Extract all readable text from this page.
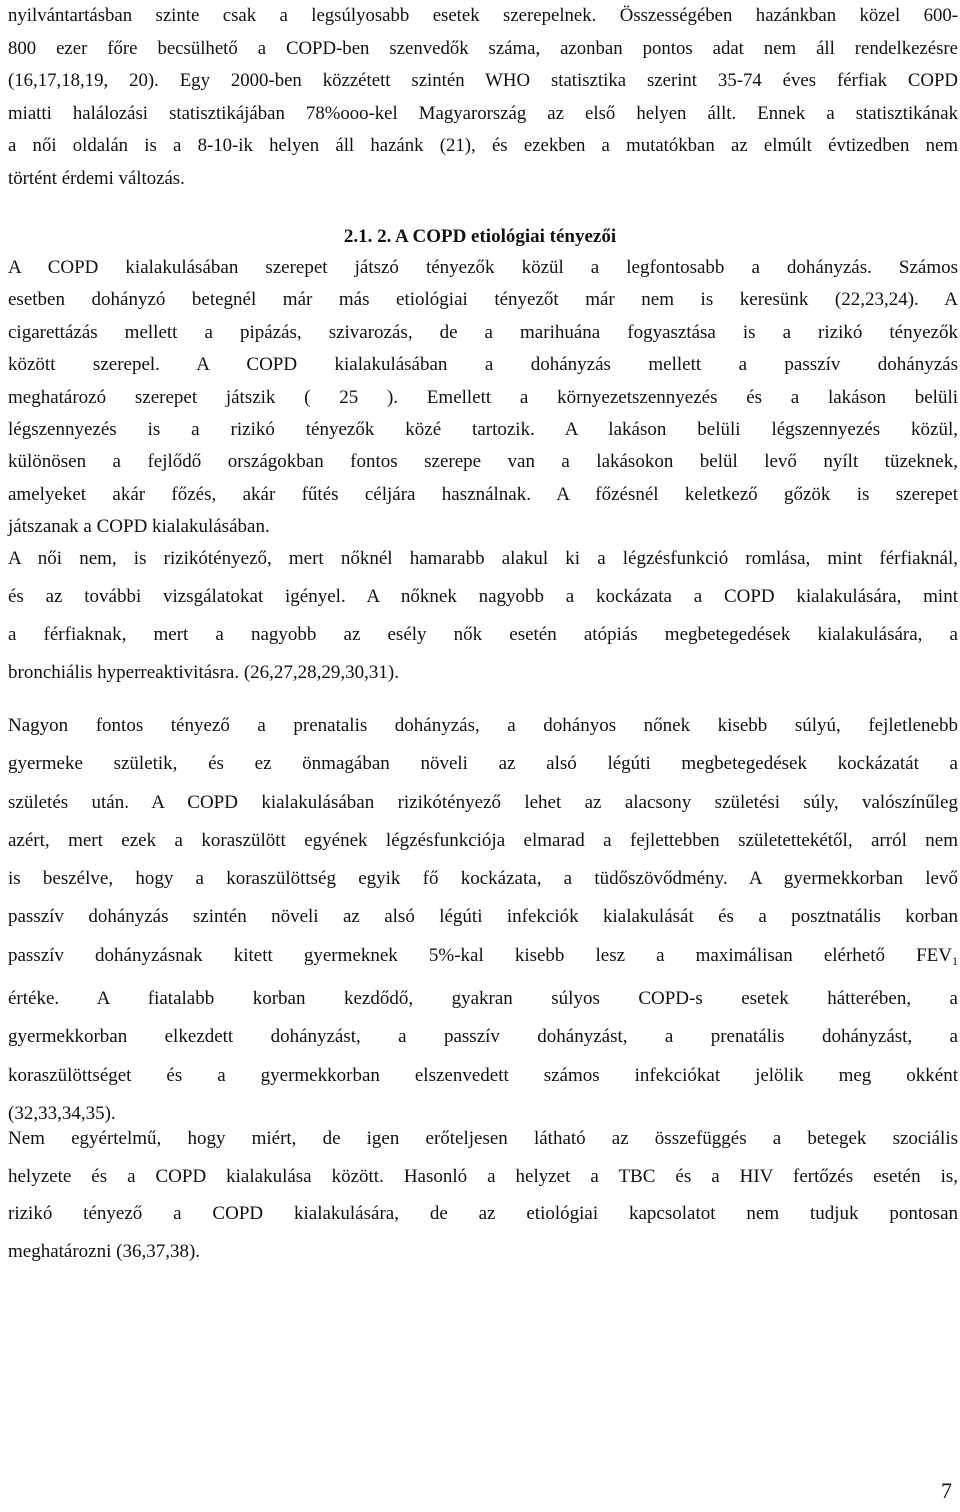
nyilvántartásban szinte csak a legsúlyosabb esetek szerepelnek. Összességében hazánkban közel 600-
800 ezer főre becsülhető a COPD-ben szenvedők száma, azonban pontos adat nem áll rendelkezésre
(16,17,18,19, 20). Egy 2000-ben közzétett szintén WHO statisztika szerint 35-74 éves férfiak COPD
miatti halálozási statisztikájában 78%ooo-kel Magyarország az első helyen állt. Ennek a statisztikának
a női oldalán is a 8-10-ik helyen áll hazánk (21), és ezekben a mutatókban az elmúlt évtizedben nem
történt érdemi változás.
2.1. 2. A COPD etiológiai tényezői
A COPD kialakulásában szerepet játszó tényezők közül a legfontosabb a dohányzás. Számos
esetben dohányzó betegnél már más etiológiai tényezőt már nem is keresünk (22,23,24). A
cigarettázás mellett a pipázás, szivarozás, de a marihuána fogyasztása is a rizikó tényezők
között szerepel. A COPD kialakulásában a dohányzás mellett a passzív dohányzás
meghatározó szerepet játszik ( 25 ). Emellett a környezetszennyezés és a lakáson belüli
légszennyezés is a rizikó tényezők közé tartozik. A lakáson belüli légszennyezés közül,
különösen a fejlődő országokban fontos szerepe van a lakásokon belül levő nyílt tüzeknek,
amelyeket akár főzés, akár fűtés céljára használnak. A főzésnél keletkező gőzök is szerepet
játszanak a COPD kialakulásában.
A női nem, is rizikótényező, mert nőknél hamarabb alakul ki a légzésfunkció romlása, mint férfiaknál,
és az további vizsgálatokat igényel. A nőknek nagyobb a kockázata a COPD kialakulására, mint
a férfiaknak, mert a nagyobb az esély nők esetén atópiás megbetegedések kialakulására, a
bronchiális hyperreaktivitásra. (26,27,28,29,30,31).
Nagyon fontos tényező a prenatalis dohányzás, a dohányos nőnek kisebb súlyú, fejletlenebb
gyermeke születik, és ez önmagában növeli az alsó légúti megbetegedések kockázatát a
születés után. A COPD kialakulásában rizikótényező lehet az alacsony születési súly, valószínűleg
azért, mert ezek a koraszülött egyének légzésfunkciója elmarad a fejlettebben születettekétől, arról nem
is beszélve, hogy a koraszülöttség egyik fő kockázata, a tüdőszövődmény. A gyermekkorban levő
passzív dohányzás szintén növeli az alsó légúti infekciók kialakulását és a posztnatális korban
passzív dohányzásnak kitett gyermeknek 5%-kal kisebb lesz a maximálisan elérhető $FEV_1$
értéke. A fiatalabb korban kezdődő, gyakran súlyos COPD-s esetek hátterében, a
gyermekkorban elkezdett dohányzást, a passzív dohányzást, a prenatális dohányzást, a
koraszülöttséget és a gyermekkorban elszenvedett számos infekciókat jelölik meg okként
(32,33,34,35).
Nem egyértelmű, hogy miért, de igen erőteljesen látható az összefüggés a betegek szociális
helyzete és a COPD kialakulása között. Hasonló a helyzet a TBC és a HIV fertőzés esetén is,
rizikó tényező a COPD kialakulására, de az etiológiai kapcsolatot nem tudjuk pontosan
meghatározni (36,37,38).
7
